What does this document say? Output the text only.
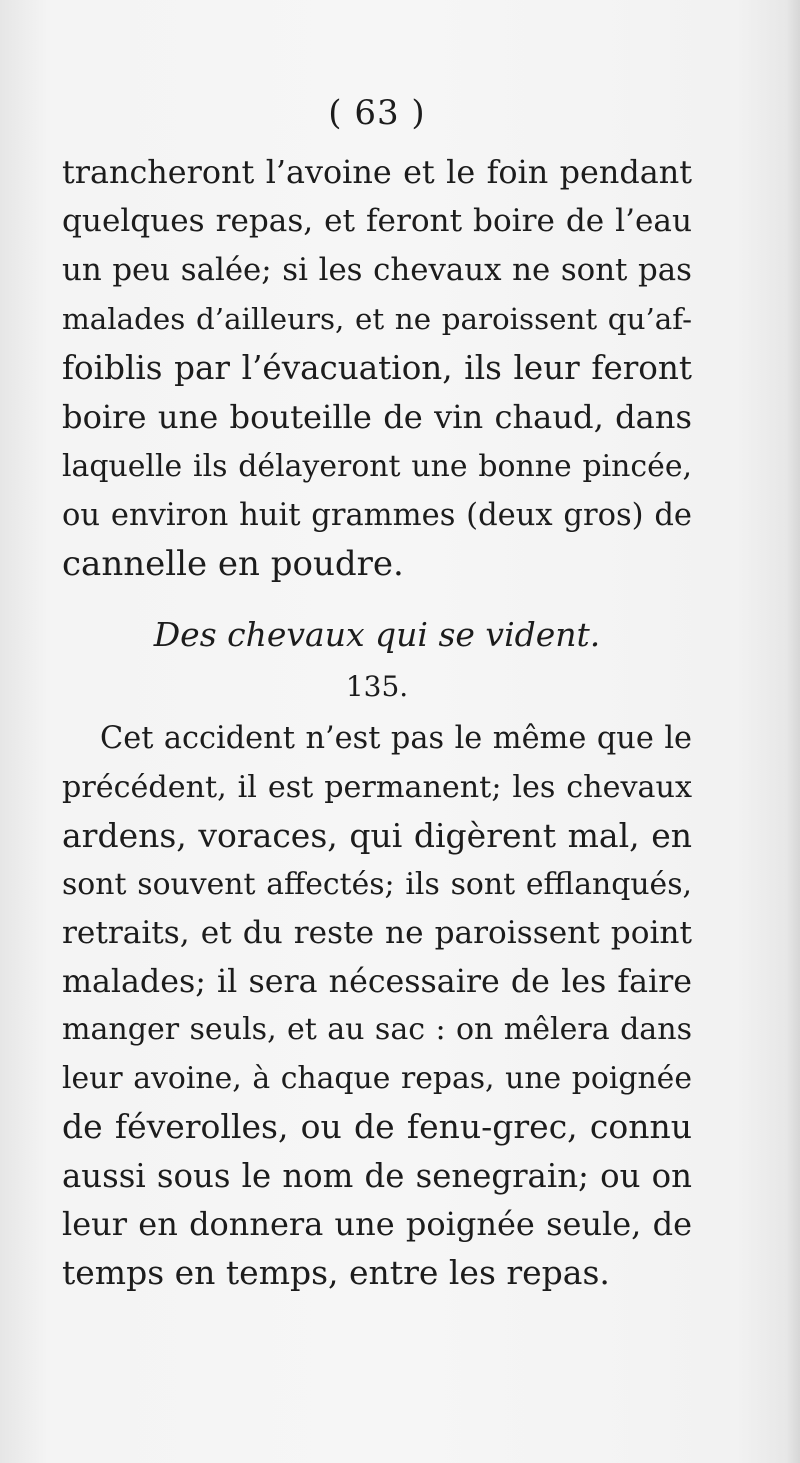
( 63 )
trancheront l’avoine et le foin pendant
quelques repas, et feront boire de l’eau
un peu salée; si les chevaux ne sont pas
malades d’ailleurs, et ne paroissent qu’af-
foiblis par l’évacuation, ils leur feront
boire une bouteille de vin chaud, dans
laquelle ils délayeront une bonne pincée,
ou environ huit grammes (deux gros) de
cannelle en poudre.
Des chevaux qui se vident.
135.
Cet accident n’est pas le même que le
précédent, il est permanent; les chevaux
ardens, voraces, qui digèrent mal, en
sont souvent affectés; ils sont efflanqués,
retraits, et du reste ne paroissent point
malades; il sera nécessaire de les faire
manger seuls, et au sac : on mêlera dans
leur avoine, à chaque repas, une poignée
de féverolles, ou de fenu-grec, connu
aussi sous le nom de senegrain; ou on
leur en donnera une poignée seule, de
temps en temps, entre les repas.
